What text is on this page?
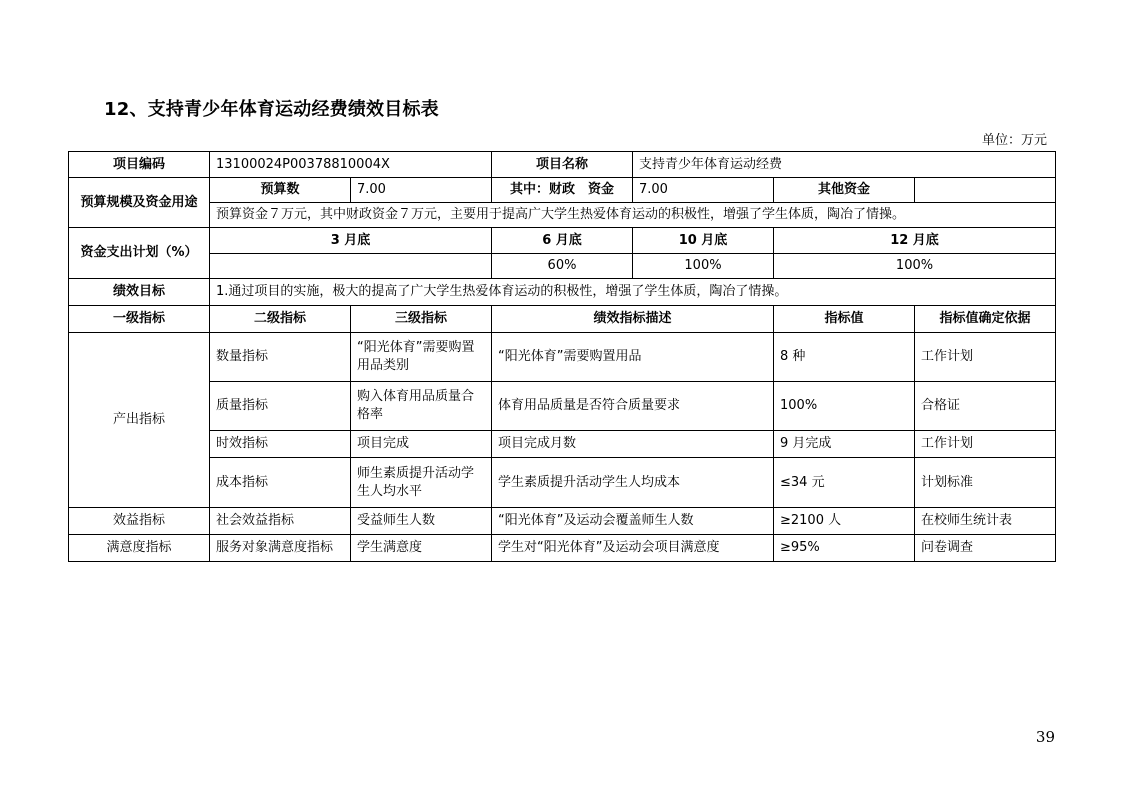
12、支持青少年体育运动经费绩效目标表
单位：万元
项目编码	13100024P00378810004X		项目名称	支持青少年体育运动经费		
预算规模及资金用途	预算数	7.00	其中：财政　资金	7.00	其他资金	
	预算资金７万元，其中财政资金７万元，主要用于提高广大学生热爱体育运动的积极性，增强了学生体质，陶冶了情操。					
资金支出计划（%）	3 月底		6 月底	10 月底	12 月底	
			60%	100%	100%	
绩效目标	1.通过项目的实施，极大的提高了广大学生热爱体育运动的积极性，增强了学生体质，陶冶了情操。					
一级指标	二级指标	三级指标	绩效指标描述		指标值	指标值确定依据
产出指标	数量指标	“阳光体育”需要购置用品类别	“阳光体育”需要购置用品		8 种	工作计划
	质量指标	购入体育用品质量合格率	体育用品质量是否符合质量要求		100%	合格证
	时效指标	项目完成	项目完成月数		9 月完成	工作计划
	成本指标	师生素质提升活动学生人均水平	学生素质提升活动学生人均成本		≤34 元	计划标准
效益指标	社会效益指标	受益师生人数	“阳光体育”及运动会覆盖师生人数		≥2100 人	在校师生统计表
满意度指标	服务对象满意度指标	学生满意度	学生对“阳光体育”及运动会项目满意度		≥95%	问卷调查
39
